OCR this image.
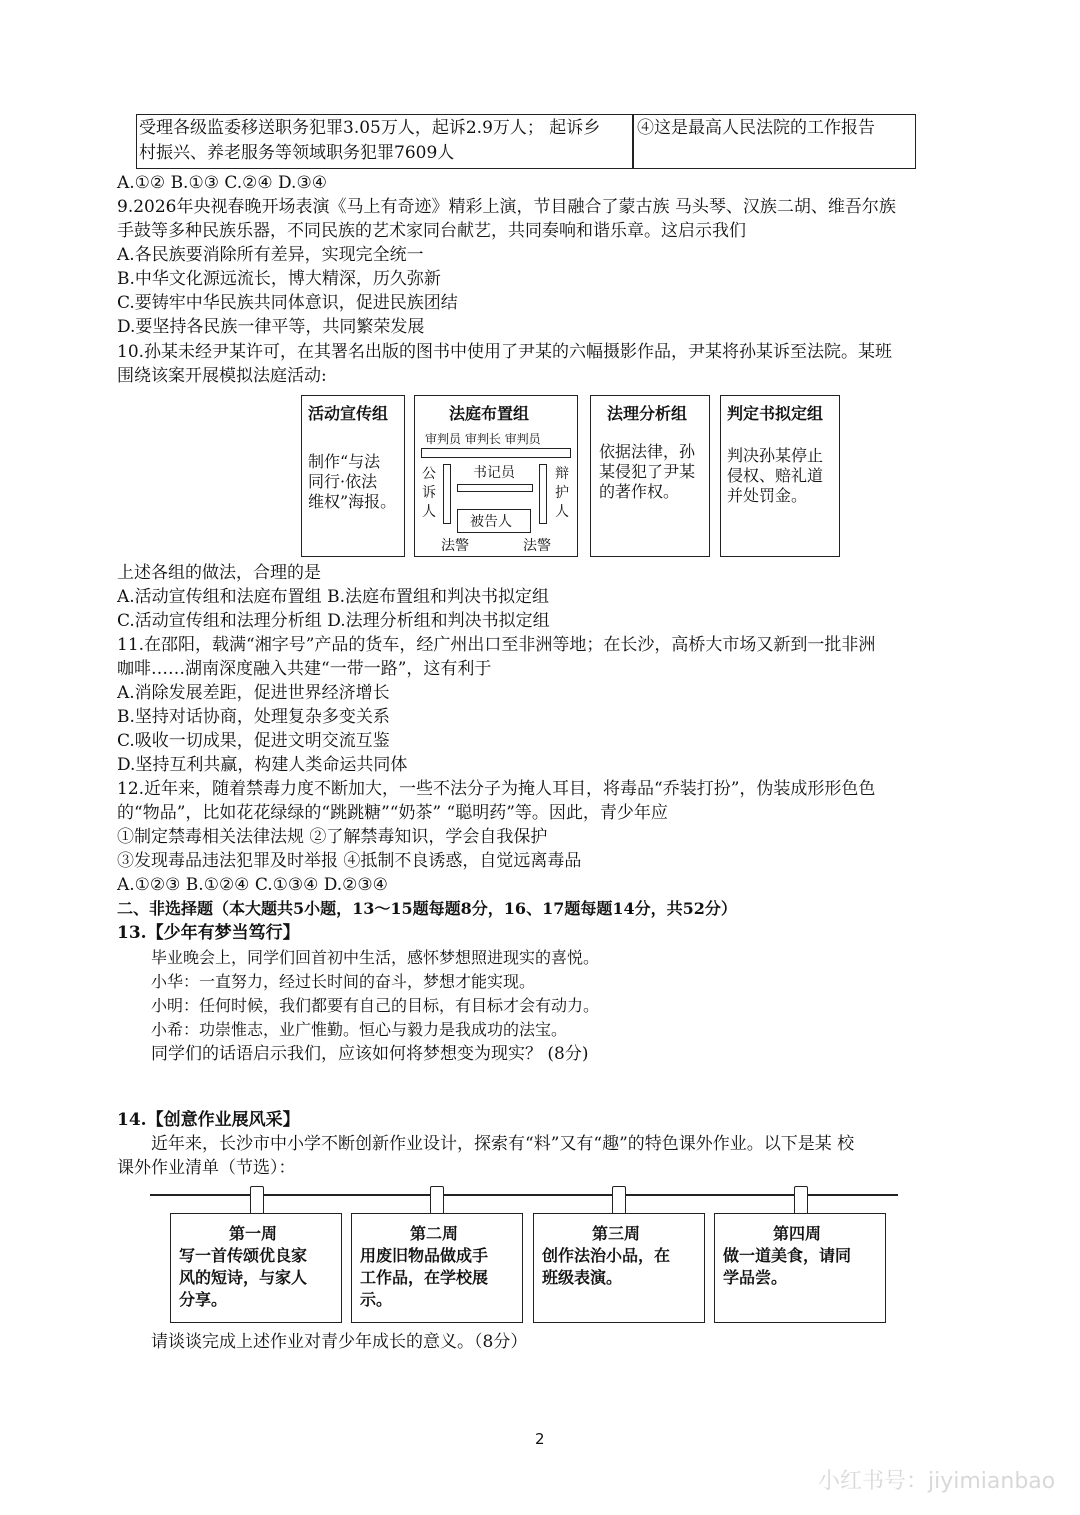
受理各级监委移送职务犯罪3.05万人，起诉2.9万人； 起诉乡
村振兴、养老服务等领域职务犯罪7609人
④这是最高人民法院的工作报告
A.①② B.①③ C.②④ D.③④
9.2026年央视春晚开场表演《马上有奇迹》精彩上演，节目融合了蒙古族 马头琴、汉族二胡、维吾尔族
手鼓等多种民族乐器，不同民族的艺术家同台献艺，共同奏响和谐乐章。这启示我们
A.各民族要消除所有差异，实现完全统一
B.中华文化源远流长，博大精深，历久弥新
C.要铸牢中华民族共同体意识，促进民族团结
D.要坚持各民族一律平等，共同繁荣发展
10.孙某未经尹某许可，在其署名出版的图书中使用了尹某的六幅摄影作品，尹某将孙某诉至法院。某班
围绕该案开展模拟法庭活动:
活动宣传组
制作“与法
同行·依法
维权”海报。
法庭布置组
审判员 审判长 审判员
书记员
公
诉
人
辩
护
人
被告人
法警	法警
法理分析组
依据法律，孙
某侵犯了尹某
的著作权。
判定书拟定组
判决孙某停止
侵权、赔礼道
并处罚金。
上述各组的做法，合理的是
A.活动宣传组和法庭布置组 B.法庭布置组和判决书拟定组
C.活动宣传组和法理分析组 D.法理分析组和判决书拟定组
11.在邵阳，载满“湘字号”产品的货车，经广州出口至非洲等地；在长沙，高桥大市场又新到一批非洲
咖啡……湖南深度融入共建“一带一路”，这有利于
A.消除发展差距，促进世界经济增长
B.坚持对话协商，处理复杂多变关系
C.吸收一切成果，促进文明交流互鉴
D.坚持互利共赢，构建人类命运共同体
12.近年来，随着禁毒力度不断加大，一些不法分子为掩人耳目，将毒品“乔装打扮”，伪装成形形色色
的“物品”，比如花花绿绿的“跳跳糖”“奶茶” “聪明药”等。因此，青少年应
①制定禁毒相关法律法规 ②了解禁毒知识，学会自我保护
③发现毒品违法犯罪及时举报 ④抵制不良诱惑，自觉远离毒品
A.①②③ B.①②④ C.①③④ D.②③④
二、非选择题（本大题共5小题，13～15题每题8分，16、17题每题14分，共52分）
13.【少年有梦当笃行】
毕业晚会上，同学们回首初中生活，感怀梦想照进现实的喜悦。
小华：一直努力，经过长时间的奋斗，梦想才能实现。
小明：任何时候，我们都要有自己的目标，有目标才会有动力。
小希：功崇惟志，业广惟勤。恒心与毅力是我成功的法宝。
同学们的话语启示我们，应该如何将梦想变为现实？ (8分)
14.【创意作业展风采】
近年来，长沙市中小学不断创新作业设计，探索有“料”又有“趣”的特色课外作业。以下是某 校
课外作业清单（节选）：
第一周
写一首传颂优良家
风的短诗，与家人
分享。
第二周
用废旧物品做成手
工作品，在学校展
示。
第三周
创作法治小品，在
班级表演。
第四周
做一道美食，请同
学品尝。
请谈谈完成上述作业对青少年成长的意义。（8分）
2
小红书号：jiyimianbao
